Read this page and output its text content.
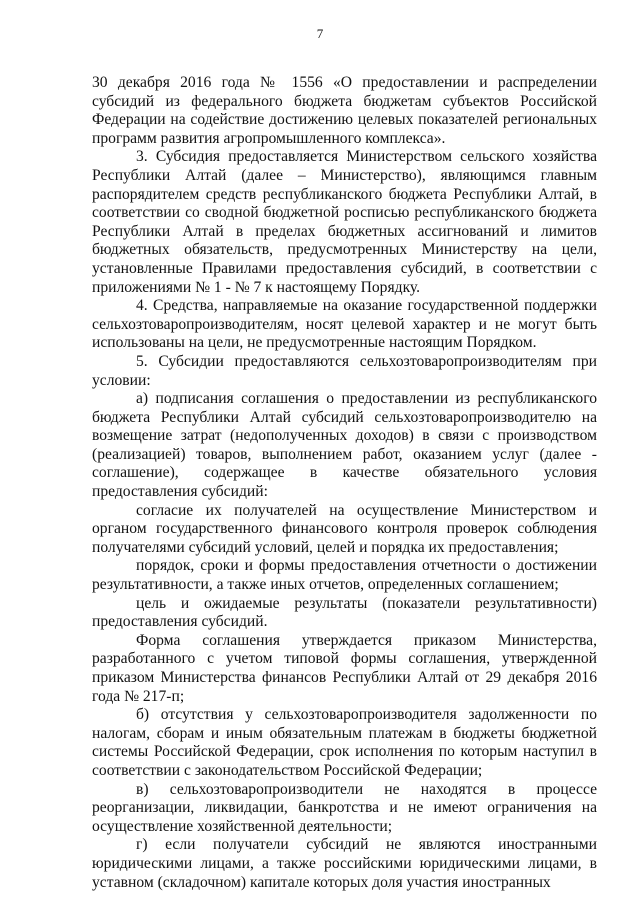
7

30 декабря 2016 года № 1556 «О предоставлении и распределении субсидий из федерального бюджета бюджетам субъектов Российской Федерации на содействие достижению целевых показателей региональных программ развития агропромышленного комплекса».

3. Субсидия предоставляется Министерством сельского хозяйства Республики Алтай (далее – Министерство), являющимся главным распорядителем средств республиканского бюджета Республики Алтай, в соответствии со сводной бюджетной росписью республиканского бюджета Республики Алтай в пределах бюджетных ассигнований и лимитов бюджетных обязательств, предусмотренных Министерству на цели, установленные Правилами предоставления субсидий, в соответствии с приложениями № 1 - № 7 к настоящему Порядку.

4. Средства, направляемые на оказание государственной поддержки сельхозтоваропроизводителям, носят целевой характер и не могут быть использованы на цели, не предусмотренные настоящим Порядком.

5. Субсидии предоставляются сельхозтоваропроизводителям при условии:

а) подписания соглашения о предоставлении из республиканского бюджета Республики Алтай субсидий сельхозтоваропроизводителю на возмещение затрат (недополученных доходов) в связи с производством (реализацией) товаров, выполнением работ, оказанием услуг (далее - соглашение), содержащее в качестве обязательного условия предоставления субсидий:

согласие их получателей на осуществление Министерством и органом государственного финансового контроля проверок соблюдения получателями субсидий условий, целей и порядка их предоставления;

порядок, сроки и формы предоставления отчетности о достижении результативности, а также иных отчетов, определенных соглашением;

цель и ожидаемые результаты (показатели результативности) предоставления субсидий.

Форма соглашения утверждается приказом Министерства, разработанного с учетом типовой формы соглашения, утвержденной приказом Министерства финансов Республики Алтай от 29 декабря 2016 года № 217-п;

б) отсутствия у сельхозтоваропроизводителя задолженности по налогам, сборам и иным обязательным платежам в бюджеты бюджетной системы Российской Федерации, срок исполнения по которым наступил в соответствии с законодательством Российской Федерации;

в) сельхозтоваропроизводители не находятся в процессе реорганизации, ликвидации, банкротства и не имеют ограничения на осуществление хозяйственной деятельности;

г) если получатели субсидий не являются иностранными юридическими лицами, а также российскими юридическими лицами, в уставном (складочном) капитале которых доля участия иностранных
